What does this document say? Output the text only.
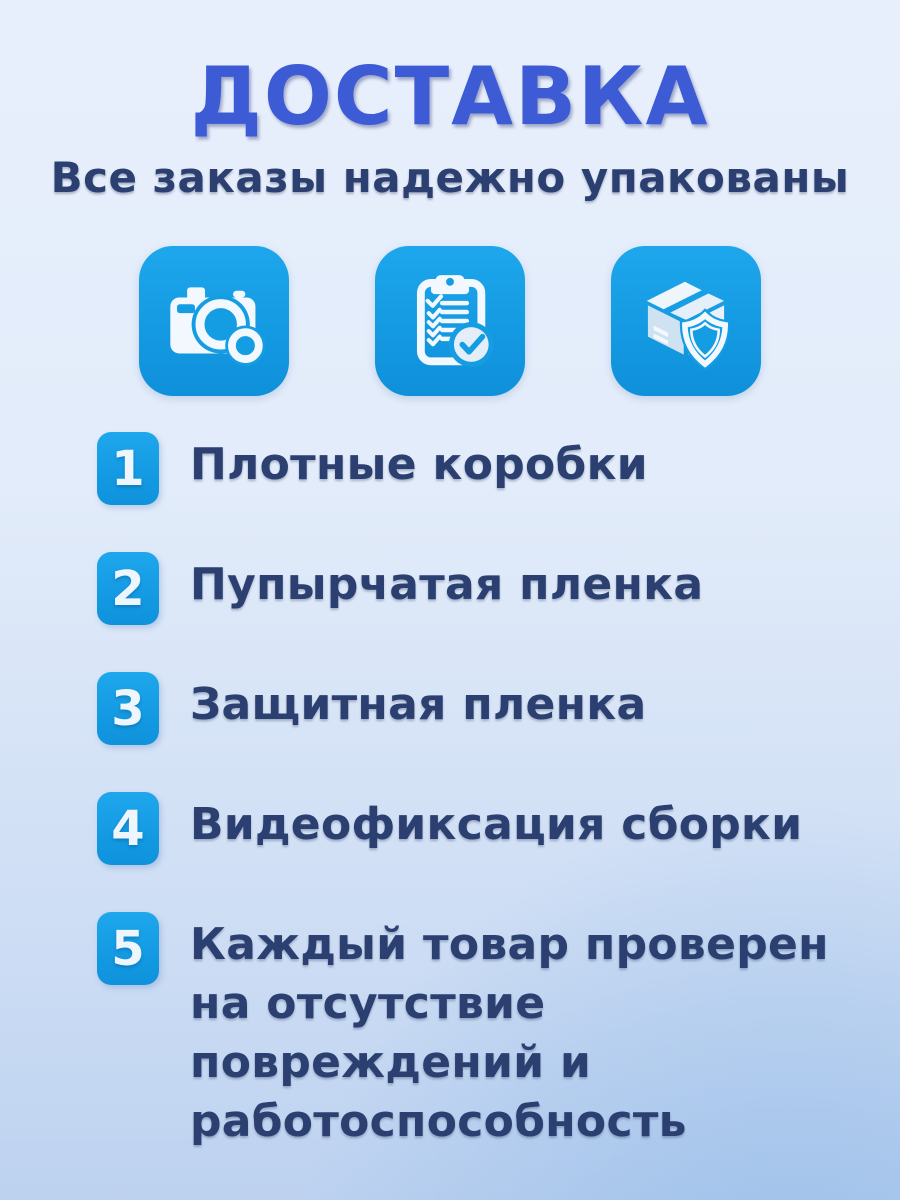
ДОСТАВКА
Все заказы надежно упакованы
1	Плотные коробки
2	Пупырчатая пленка
3	Защитная пленка
4	Видеофиксация сборки
5	Каждый товар проверен на отсутствие повреждений и работоспособность
